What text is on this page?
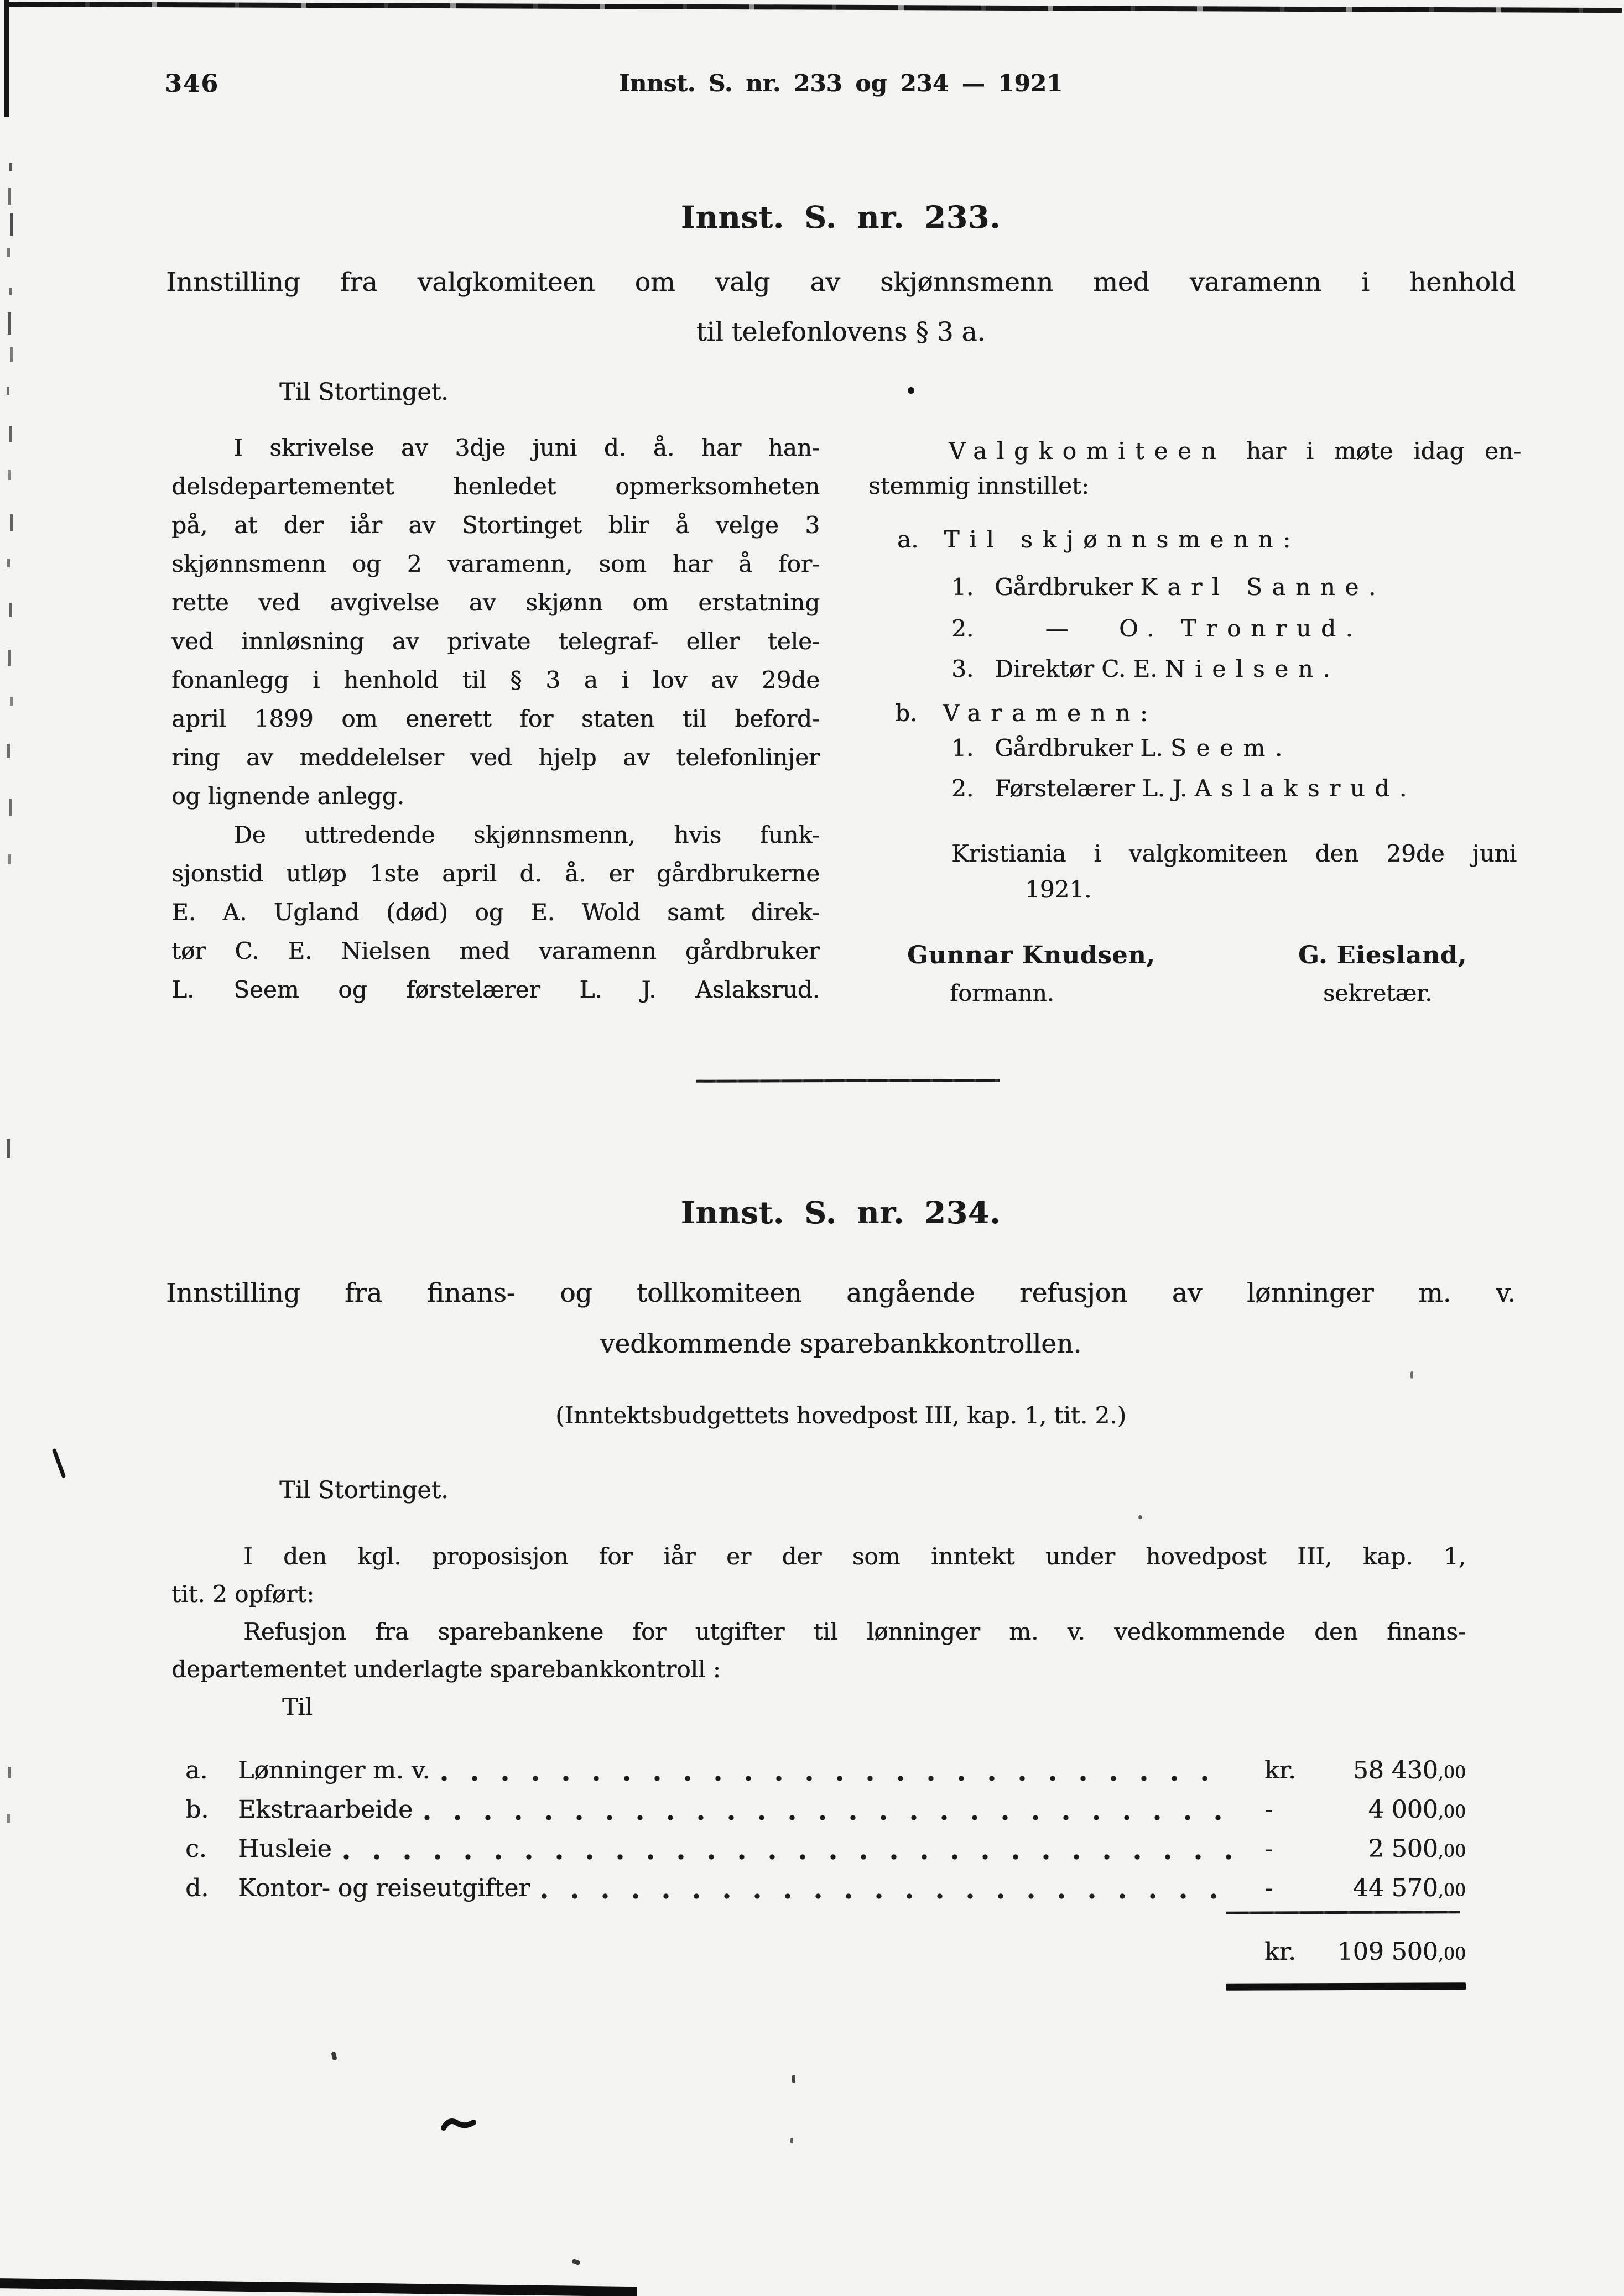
346	Innst. S. nr. 233 og 234 — 1921
Innst. S. nr. 233.
Innstilling fra valgkomiteen om valg av skjønnsmenn med varamenn i henhold
til telefonlovens § 3 a.
Til Stortinget.
I skrivelse av 3dje juni d. å. har han-
delsdepartementet henledet opmerksomheten
på, at der iår av Stortinget blir å velge 3
skjønnsmenn og 2 varamenn, som har å for-
rette ved avgivelse av skjønn om erstatning
ved innløsning av private telegraf- eller tele-
fonanlegg i henhold til § 3 a i lov av 29de
april 1899 om enerett for staten til beford-
ring av meddelelser ved hjelp av telefonlinjer
og lignende anlegg.
De uttredende skjønnsmenn, hvis funk-
sjonstid utløp 1ste april d. å. er gårdbrukerne
E. A. Ugland (død) og E. Wold samt direk-
tør C. E. Nielsen med varamenn gårdbruker
L. Seem og førstelærer L. J. Aslaksrud.
Valgkomiteen har i møte idag en-
stemmig innstillet:
a. Til skjønnsmenn:
1. Gårdbruker Karl Sanne.
2.	— O. Tronrud.
3. Direktør C. E. Nielsen.
b. Varamenn:
1. Gårdbruker L. Seem.
2. Førstelærer L. J. Aslaksrud.
Kristiania i valgkomiteen den 29de juni
1921.
Gunnar Knudsen,	G. Eiesland,
formann.	sekretær.
Innst. S. nr. 234.
Innstilling fra finans- og tollkomiteen angående refusjon av lønninger m. v.
vedkommende sparebankkontrollen.
(Inntektsbudgettets hovedpost III, kap. 1, tit. 2.)
Til Stortinget.
I den kgl. proposisjon for iår er der som inntekt under hovedpost III, kap. 1,
tit. 2 opført:
Refusjon fra sparebankene for utgifter til lønninger m. v. vedkommende den finans-
departementet underlagte sparebankkontroll :
Til
a.	Lønninger m. v.	kr.	58 430,00
b.	Ekstraarbeide	-	4 000,00
c.	Husleie	-	2 500,00
d.	Kontor- og reiseutgifter	-	44 570,00
kr. 109 500,00
